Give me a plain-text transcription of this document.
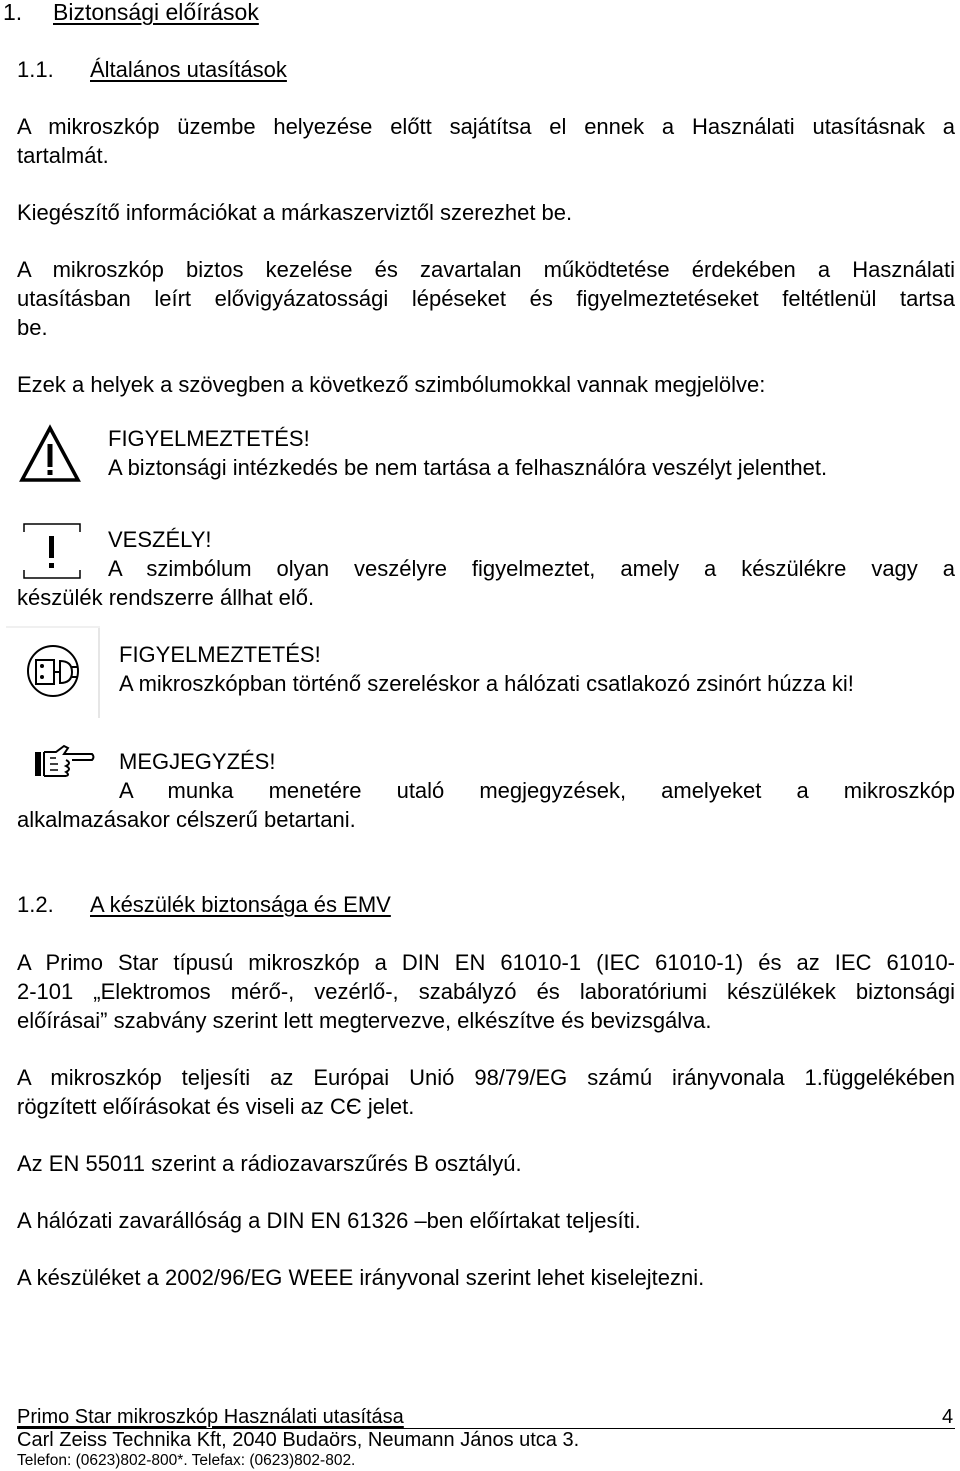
1. Biztonsági előírások
1.1. Általános utasítások
A mikroszkóp üzembe helyezése előtt sajátítsa el ennek a Használati utasításnak a
tartalmát.
Kiegészítő információkat a márkaszerviztől szerezhet be.
A mikroszkóp biztos kezelése és zavartalan működtetése érdekében a Használati
utasításban leírt elővigyázatossági lépéseket és figyelmeztetéseket feltétlenül tartsa
be.
Ezek a helyek a szövegben a következő szimbólumokkal vannak megjelölve:
FIGYELMEZTETÉS!
A biztonsági intézkedés be nem tartása a felhasználóra veszélyt jelenthet.
VESZÉLY!
A szimbólum olyan veszélyre figyelmeztet, amely a készülékre vagy a
készülék rendszerre állhat elő.
FIGYELMEZTETÉS!
A mikroszkópban történő szereléskor a hálózati csatlakozó zsinórt húzza ki!
MEGJEGYZÉS!
A munka menetére utaló megjegyzések, amelyeket a mikroszkóp
alkalmazásakor célszerű betartani.
1.2. A készülék biztonsága és EMV
A Primo Star típusú mikroszkóp a DIN EN 61010-1 (IEC 61010-1) és az IEC 61010-
2-101 „Elektromos mérő-, vezérlő-, szabályzó és laboratóriumi készülékek biztonsági
előírásai” szabvány szerint lett megtervezve, elkészítve és bevizsgálva.
A mikroszkóp teljesíti az Európai Unió 98/79/EG számú irányvonala 1.függelékében
rögzített előírásokat és viseli az CЄ jelet.
Az EN 55011 szerint a rádiozavarszűrés B osztályú.
A hálózati zavarállóság a DIN EN 61326 –ben előírtakat teljesíti.
A készüléket a 2002/96/EG WEEE irányvonal szerint lehet kiselejtezni.
Primo Star mikroszkóp Használati utasítása	4
Carl Zeiss Technika Kft, 2040 Budaörs, Neumann János utca 3.
Telefon: (0623)802-800*. Telefax: (0623)802-802.
